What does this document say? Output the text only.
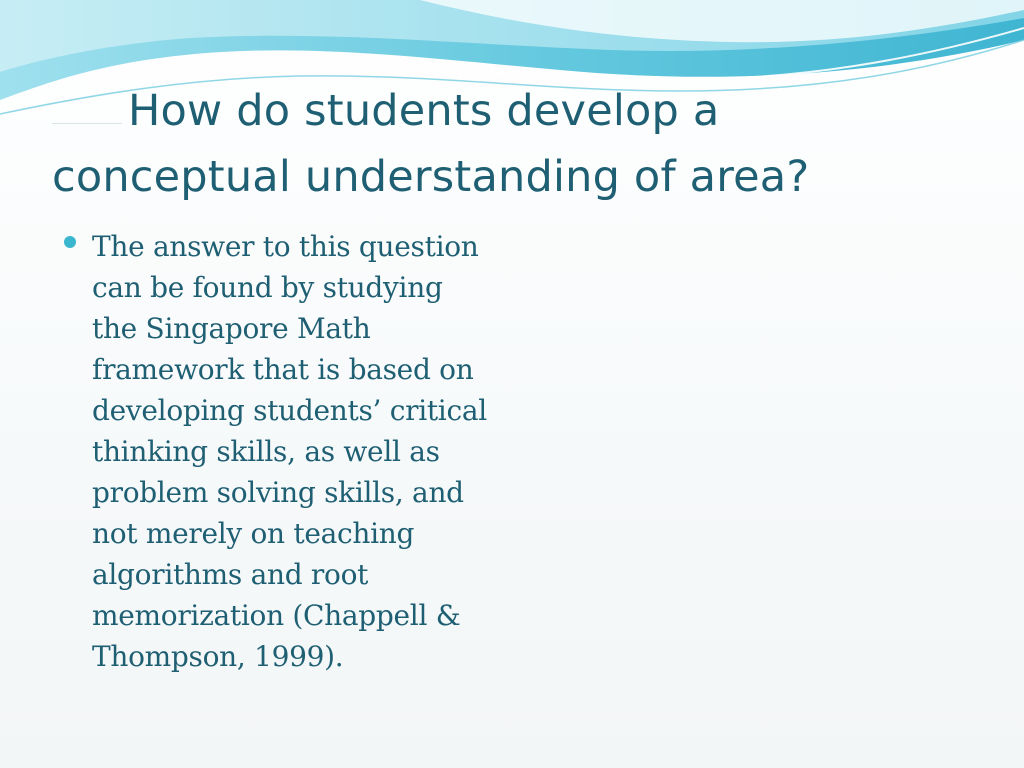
How do students develop a conceptual understanding of area?

The answer to this question can be found by studying the Singapore Math framework that is based on developing students’ critical thinking skills, as well as problem solving skills, and not merely on teaching algorithms and root memorization (Chappell & Thompson, 1999).
